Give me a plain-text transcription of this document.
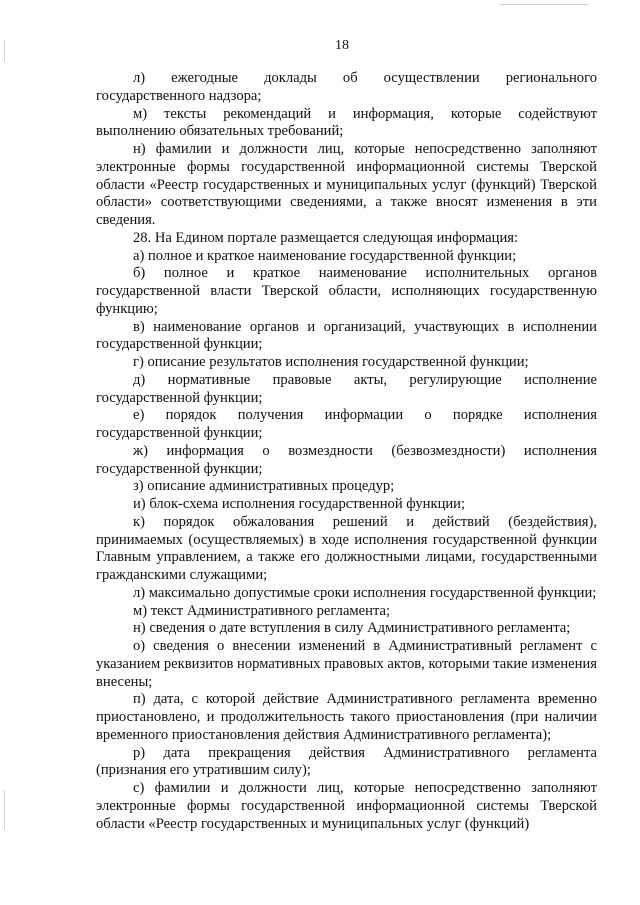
18

л) ежегодные доклады об осуществлении регионального государственного надзора;

м) тексты рекомендаций и информация, которые содействуют выполнению обязательных требований;

н) фамилии и должности лиц, которые непосредственно заполняют электронные формы государственной информационной системы Тверской области «Реестр государственных и муниципальных услуг (функций) Тверской области» соответствующими сведениями, а также вносят изменения в эти сведения.

28. На Едином портале размещается следующая информация:

а) полное и краткое наименование государственной функции;

б) полное и краткое наименование исполнительных органов государственной власти Тверской области, исполняющих государственную функцию;

в) наименование органов и организаций, участвующих в исполнении государственной функции;

г) описание результатов исполнения государственной функции;

д) нормативные правовые акты, регулирующие исполнение государственной функции;

е) порядок получения информации о порядке исполнения государственной функции;

ж) информация о возмездности (безвозмездности) исполнения государственной функции;

з) описание административных процедур;

и) блок-схема исполнения государственной функции;

к) порядок обжалования решений и действий (бездействия), принимаемых (осуществляемых) в ходе исполнения государственной функции Главным управлением, а также его должностными лицами, государственными гражданскими служащими;

л) максимально допустимые сроки исполнения государственной функции;

м) текст Административного регламента;

н) сведения о дате вступления в силу Административного регламента;

о) сведения о внесении изменений в Административный регламент с указанием реквизитов нормативных правовых актов, которыми такие изменения внесены;

п) дата, с которой действие Административного регламента временно приостановлено, и продолжительность такого приостановления (при наличии временного приостановления действия Административного регламента);

р) дата прекращения действия Административного регламента (признания его утратившим силу);

с) фамилии и должности лиц, которые непосредственно заполняют электронные формы государственной информационной системы Тверской области «Реестр государственных и муниципальных услуг (функций)
